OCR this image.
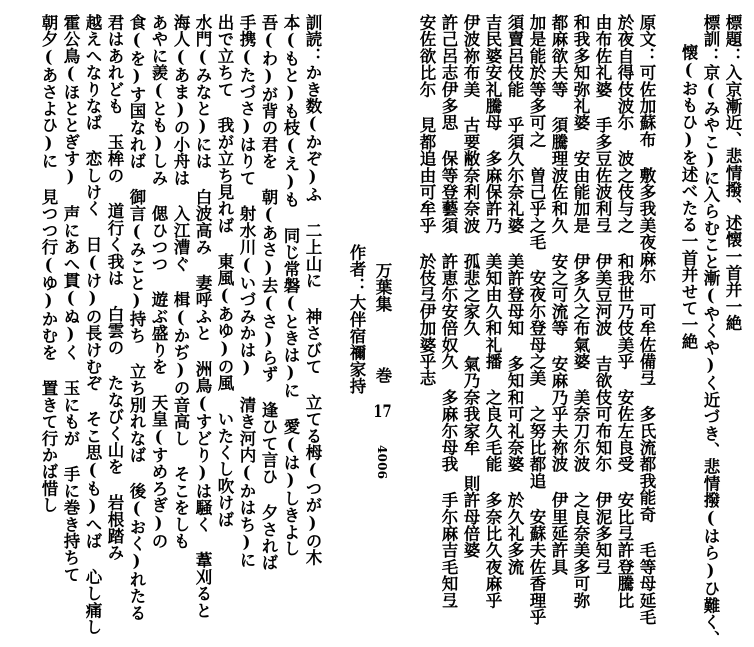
標題：入京漸近、悲情撥、述懐一首并一絶
標訓：京(みやこ)に入らむこと漸(やくや)く近づき、悲情撥(はら)ひ難く、
懐(おもひ)を述べたる一首并せて一絶
原文：可佐加蘇布 敷多我美夜麻尓 可牟佐備弖 多氏流都我能奇 毛等母延毛
於夜自得伎波尓 波之伎与之 和我世乃伎美乎 安佐左良受 安比弖許登騰比
由布佐礼婆 手多豆佐波利弖 伊美豆河波 吉欲伎可布知尓 伊泥多知弖
和我多知弥礼婆 安由能加是 伊多久之布氣婆 美奈刀尓波 之良奈美多可弥
都麻欲夫等 須騰理波佐和久 安之可流等 安麻乃乎夫祢波 伊里延許具
加是能於等多可之 曽己乎之毛 安夜尓登母之美 之努比都追 安蘇夫佐香理乎
須賣呂伎能 乎須久尓奈礼婆 美許登母知 多知和可礼奈婆 於久礼多流
吉民婆安礼騰母 多麻保許乃 美知由久和礼播 之良久毛能 多奈比久夜麻乎
伊波祢布美 古要敝奈利奈波 孤悲之家久 氣乃奈我家牟 則許母倍婆
許己呂志伊多思 保等登藝須 許恵尓安倍奴久 多麻尓母我 手尓麻吉毛知弖
安佐欲比尓 見都追由可牟乎 於伎弖伊加婆乎志
万葉集 　 巻 17 4006
作者：大伴宿禰家持
訓読：かき数(かぞ)ふ 二上山に 神さびて 立てる栂(つが)の木
本(もと)も枝(え)も 同じ常磐(ときは)に 愛(は)しきよし
吾(わ)が背の君を 朝(あさ)去(さ)らず 逢ひて言ひ 夕されば
手携(たづさ)はりて 射水川(いづみかは) 清き河内(かはち)に
出で立ちて 我が立ち見れば 東風(あゆ)の風 いたくし吹けば
水門(みなと)には 白波高み 妻呼ふと 洲鳥(すどり)は騒く 葦刈ると
海人(あま)の小舟は 入江漕ぐ 楫(かぢ)の音高し そこをしも
あやに羨(とも)しみ 偲ひつつ 遊ぶ盛りを 天皇(すめろぎ)の
食(を)す国なれば 御言(みこと)持ち 立ち別れなば 後(おく)れたる
君はあれども 玉桙の 道行く我は 白雲の たなびく山を 岩根踏み
越えへなりなば 恋しけく 日(け)の長けむぞ そこ思(も)へば 心し痛し
霍公鳥(ほととぎす) 声にあへ貫(ぬ)く 玉にもが 手に巻き持ちて
朝夕(あさよひ)に 見つつ行(ゆ)かむを 置きて行かば惜し
